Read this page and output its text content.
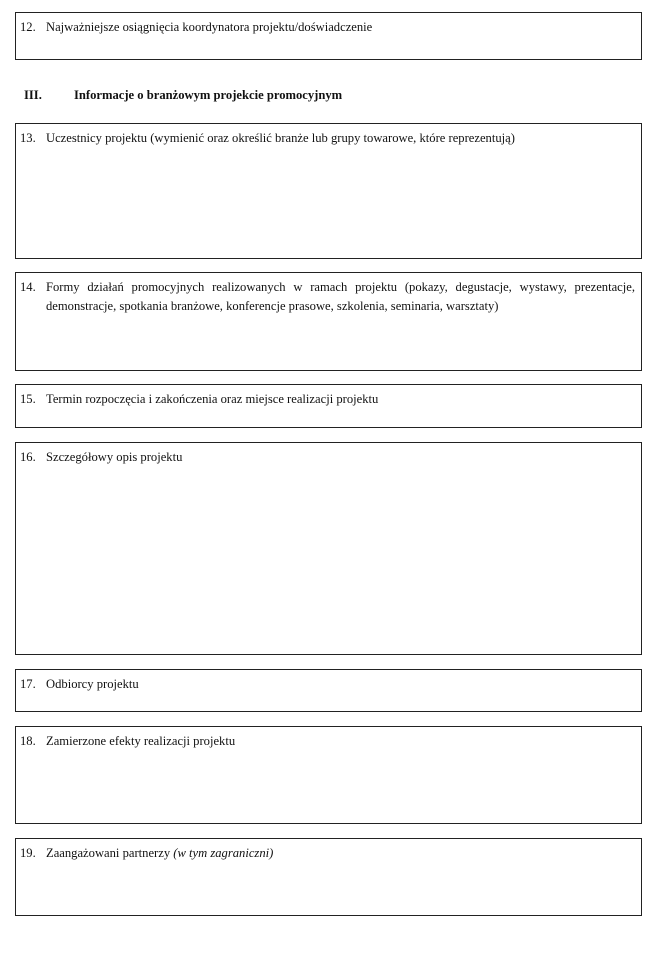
12. Najważniejsze osiągnięcia koordynatora projektu/doświadczenie
III.	Informacje o branżowym projekcie promocyjnym
13. Uczestnicy projektu (wymienić oraz określić branże lub grupy towarowe, które reprezentują)
14. Formy działań promocyjnych realizowanych w ramach projektu (pokazy, degustacje, wystawy, prezentacje, demonstracje, spotkania branżowe, konferencje prasowe, szkolenia, seminaria, warsztaty)
15. Termin rozpoczęcia i zakończenia oraz miejsce realizacji projektu
16. Szczegółowy opis projektu
17. Odbiorcy projektu
18. Zamierzone efekty realizacji projektu
19. Zaangażowani partnerzy (w tym zagraniczni)
